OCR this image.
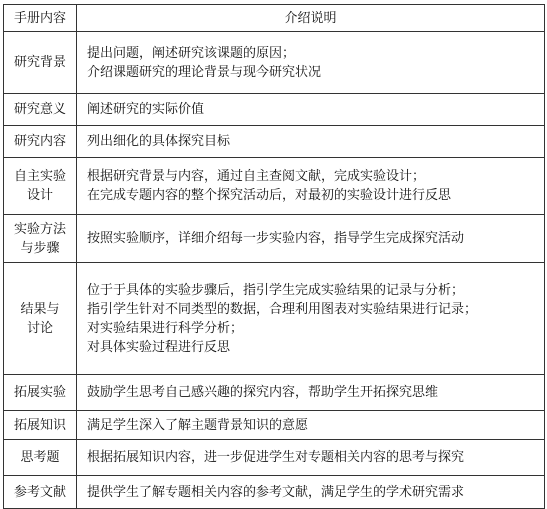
手册内容	介绍说明

研究背景	提出问题，阐述研究该课题的原因；
介绍课题研究的理论背景与现今研究状况

研究意义	阐述研究的实际价值

研究内容	列出细化的具体探究目标

自主实验
设计	根据研究背景与内容，通过自主查阅文献，完成实验设计；
在完成专题内容的整个探究活动后，对最初的实验设计进行反思

实验方法
与步骤	按照实验顺序，详细介绍每一步实验内容，指导学生完成探究活动

结果与
讨论	位于于具体的实验步骤后，指引学生完成实验结果的记录与分析；
指引学生针对不同类型的数据，合理利用图表对实验结果进行记录；
对实验结果进行科学分析；
对具体实验过程进行反思

拓展实验	鼓励学生思考自己感兴趣的探究内容，帮助学生开拓探究思维

拓展知识	满足学生深入了解主题背景知识的意愿

思考题	根据拓展知识内容，进一步促进学生对专题相关内容的思考与探究

参考文献	提供学生了解专题相关内容的参考文献，满足学生的学术研究需求
